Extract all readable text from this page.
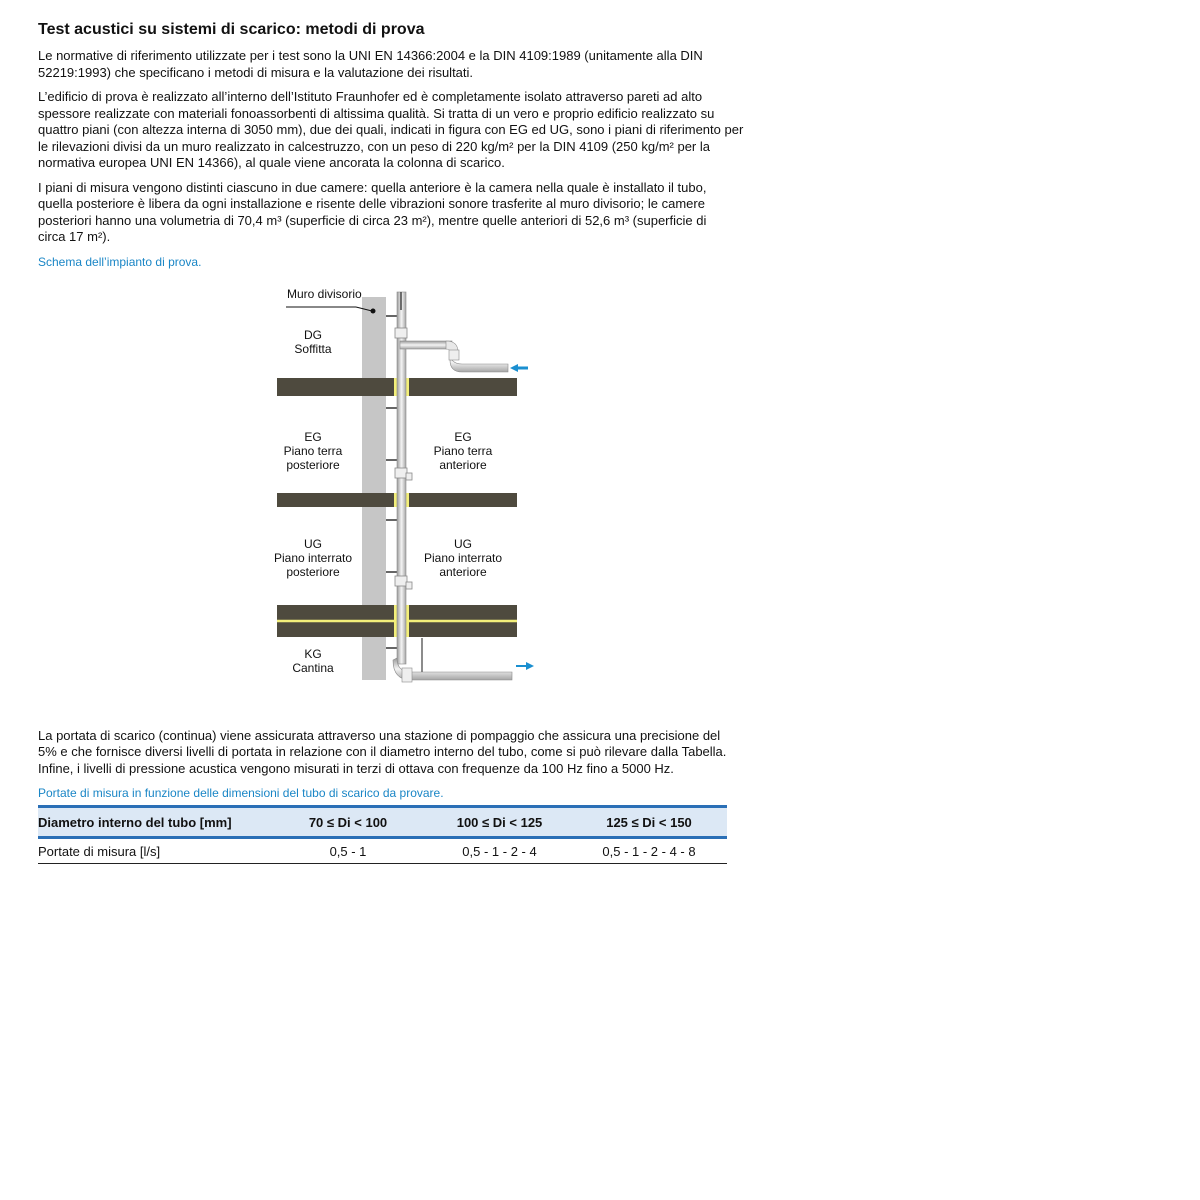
Test acustici su sistemi di scarico: metodi di prova

Le normative di riferimento utilizzate per i test sono la UNI EN 14366:2004 e la DIN 4109:1989 (unitamente alla DIN 52219:1993) che specificano i metodi di misura e la valutazione dei risultati.

L’edificio di prova è realizzato all’interno dell’Istituto Fraunhofer ed è completamente isolato attraverso pareti ad alto spessore realizzate con materiali fonoassorbenti di altissima qualità. Si tratta di un vero e proprio edificio realizzato su quattro piani (con altezza interna di 3050 mm), due dei quali, indicati in figura con EG ed UG, sono i piani di riferimento per le rilevazioni divisi da un muro realizzato in calcestruzzo, con un peso di 220 kg/m² per la DIN 4109 (250 kg/m² per la normativa europea UNI EN 14366), al quale viene ancorata la colonna di scarico.

I piani di misura vengono distinti ciascuno in due camere: quella anteriore è la camera nella quale è installato il tubo, quella posteriore è libera da ogni installazione e risente delle vibrazioni sonore trasferite al muro divisorio; le camere posteriori hanno una volumetria di 70,4 m³ (superficie di circa 23 m²), mentre quelle anteriori di 52,6 m³ (superficie di circa 17 m²).

Schema dell’impianto di prova.
Muro divisorio
DG
Soffitta
EG
Piano terra
posteriore
EG
Piano terra
anteriore
UG
Piano interrato
posteriore
UG
Piano interrato
anteriore
KG
Cantina

La portata di scarico (continua) viene assicurata attraverso una stazione di pompaggio che assicura una precisione del 5% e che fornisce diversi livelli di portata in relazione con il diametro interno del tubo, come si può rilevare dalla Tabella. Infine, i livelli di pressione acustica vengono misurati in terzi di ottava con frequenze da 100 Hz fino a 5000 Hz.

Portate di misura in funzione delle dimensioni del tubo di scarico da provare.
Diametro interno del tubo [mm]	70 ≤ Di < 100	100 ≤ Di < 125	125 ≤ Di < 150
Portate di misura [l/s]	0,5 - 1	0,5 - 1 - 2 - 4	0,5 - 1 - 2 - 4 - 8
